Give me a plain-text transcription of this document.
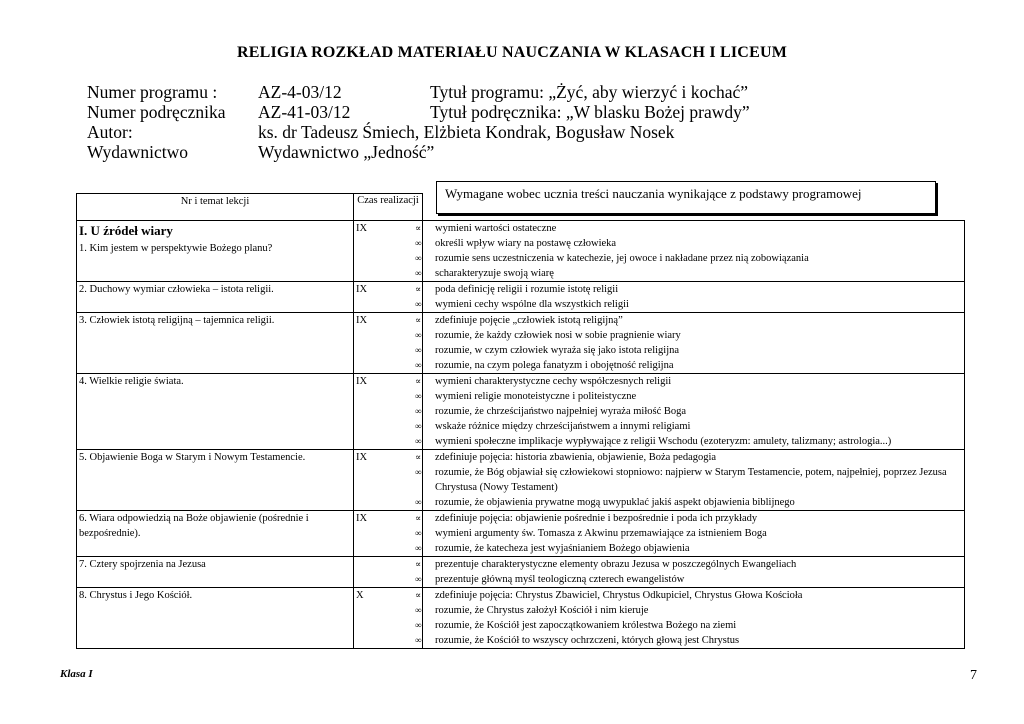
RELIGIA ROZKŁAD MATERIAŁU NAUCZANIA W KLASACH I LICEUM
Numer programu : AZ-4-03/12	Tytuł programu: „Żyć, aby wierzyć i kochać”
Numer podręcznika AZ-41-03/12	Tytuł podręcznika: „W blasku Bożej prawdy”
Autor:	ks. dr Tadeusz Śmiech, Elżbieta Kondrak, Bogusław Nosek
Wydawnictwo	Wydawnictwo „Jedność”
Nr i temat lekcji	Czas realizacji	

I. U źródeł wiary
1. Kim jestem w perspektywie Bożego planu?	IX	∝ wymieni wartości ostateczne
∞ określi wpływ wiary na postawę człowieka
∞ rozumie sens uczestniczenia w katechezie, jej owoce i nakładane przez nią zobowiązania
∞ scharakteryzuje swoją wiarę

2. Duchowy wymiar człowieka – istota religii.	IX	∝ poda definicję religii i rozumie istotę religii
∞ wymieni cechy wspólne dla wszystkich religii

3. Człowiek istotą religijną – tajemnica religii.	IX	∝ zdefiniuje pojęcie „człowiek istotą religijną”
∞ rozumie, że każdy człowiek nosi w sobie pragnienie wiary
∞ rozumie, w czym człowiek wyraża się jako istota religijna
∞ rozumie, na czym polega fanatyzm i obojętność religijna

4. Wielkie religie świata.	IX	∝ wymieni charakterystyczne cechy współczesnych religii
∞ wymieni religie monoteistyczne i politeistyczne
∞ rozumie, że chrześcijaństwo najpełniej wyraża miłość Boga
∞ wskaże różnice między chrześcijaństwem a innymi religiami
∞ wymieni społeczne implikacje wypływające z religii Wschodu (ezoteryzm: amulety, talizmany; astrologia...)

5. Objawienie Boga w Starym i Nowym Testamencie.	IX	∝ zdefiniuje pojęcia: historia zbawienia, objawienie, Boża pedagogia
∞ rozumie, że Bóg objawiał się człowiekowi stopniowo: najpierw w Starym Testamencie, potem, najpełniej, poprzez Jezusa Chrystusa (Nowy Testament)
∞ rozumie, że objawienia prywatne mogą uwypuklać jakiś aspekt objawienia biblijnego

6. Wiara odpowiedzią na Boże objawienie (pośrednie i bezpośrednie).	IX	∝ zdefiniuje pojęcia: objawienie pośrednie i bezpośrednie i poda ich przykłady
∞ wymieni argumenty św. Tomasza z Akwinu przemawiające za istnieniem Boga
∞ rozumie, że katecheza jest wyjaśnianiem Bożego objawienia

7. Cztery spojrzenia na Jezusa		∝ prezentuje charakterystyczne elementy obrazu Jezusa w poszczególnych Ewangeliach
∞ prezentuje główną myśl teologiczną czterech ewangelistów

8. Chrystus i Jego Kościół.	X	∝ zdefiniuje pojęcia: Chrystus Zbawiciel, Chrystus Odkupiciel, Chrystus Głowa Kościoła
∞ rozumie, że Chrystus założył Kościół i nim kieruje
∞ rozumie, że Kościół jest zapoczątkowaniem królestwa Bożego na ziemi
∞ rozumie, że Kościół to wszyscy ochrzczeni, których głową jest Chrystus
Wymagane wobec ucznia treści nauczania wynikające z podstawy programowej
Klasa I	7
